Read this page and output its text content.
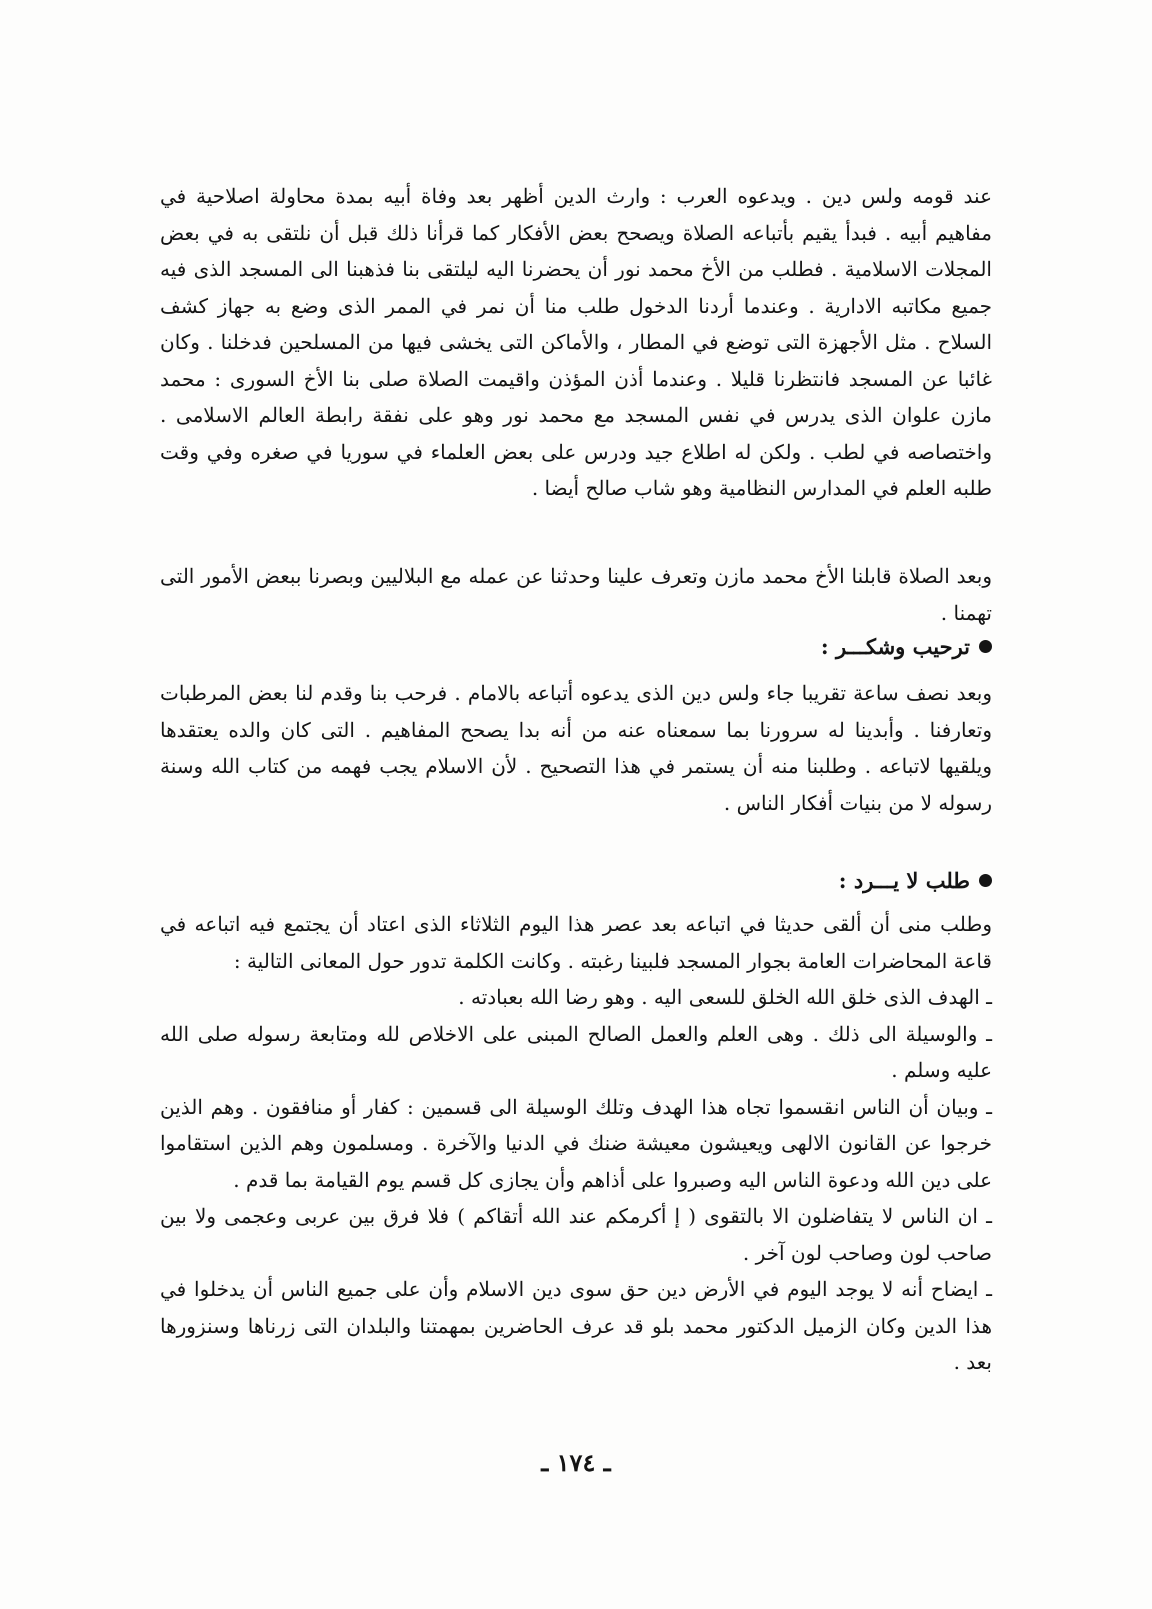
عند قومه ولس دين . ويدعوه العرب : وارث الدين أظهر بعد وفاة أبيه بمدة محاولة اصلاحية في مفاهيم أبيه . فبدأ يقيم بأتباعه الصلاة ويصحح بعض الأفكار كما قرأنا ذلك قبل أن نلتقى به في بعض المجلات الاسلامية . فطلب من الأخ محمد نور أن يحضرنا اليه ليلتقى بنا فذهبنا الى المسجد الذى فيه جميع مكاتبه الادارية . وعندما أردنا الدخول طلب منا أن نمر في الممر الذى وضع به جهاز كشف السلاح . مثل الأجهزة التى توضع في المطار ، والأماكن التى يخشى فيها من المسلحين فدخلنا . وكان غائبا عن المسجد فانتظرنا قليلا . وعندما أذن المؤذن واقيمت الصلاة صلى بنا الأخ السورى : محمد مازن علوان الذى يدرس في نفس المسجد مع محمد نور وهو على نفقة رابطة العالم الاسلامى . واختصاصه في لطب . ولكن له اطلاع جيد ودرس على بعض العلماء في سوريا في صغره وفي وقت طلبه العلم في المدارس النظامية وهو شاب صالح أيضا .

وبعد الصلاة قابلنا الأخ محمد مازن وتعرف علينا وحدثنا عن عمله مع البلاليين وبصرنا ببعض الأمور التى تهمنا .

ترحيب وشكـــر :

وبعد نصف ساعة تقريبا جاء ولس دين الذى يدعوه أتباعه بالامام . فرحب بنا وقدم لنا بعض المرطبات وتعارفنا . وأبدينا له سرورنا بما سمعناه عنه من أنه بدا يصحح المفاهيم . التى كان والده يعتقدها ويلقيها لاتباعه . وطلبنا منه أن يستمر في هذا التصحيح . لأن الاسلام يجب فهمه من كتاب الله وسنة رسوله لا من بنيات أفكار الناس .

طلب لا يـــرد :

وطلب منى أن ألقى حديثا في اتباعه بعد عصر هذا اليوم الثلاثاء الذى اعتاد أن يجتمع فيه اتباعه في قاعة المحاضرات العامة بجوار المسجد فلبينا رغبته . وكانت الكلمة تدور حول المعانى التالية :

ـ الهدف الذى خلق الله الخلق للسعى اليه . وهو رضا الله بعبادته .

ـ والوسيلة الى ذلك . وهى العلم والعمل الصالح المبنى على الاخلاص لله ومتابعة رسوله صلى الله عليه وسلم .

ـ وبيان أن الناس انقسموا تجاه هذا الهدف وتلك الوسيلة الى قسمين : كفار أو منافقون . وهم الذين خرجوا عن القانون الالهى ويعيشون معيشة ضنك في الدنيا والآخرة . ومسلمون وهم الذين استقاموا على دين الله ودعوة الناس اليه وصبروا على أذاهم وأن يجازى كل قسم يوم القيامة بما قدم .

ـ ان الناس لا يتفاضلون الا بالتقوى ( إ أكرمكم عند الله أتقاكم ) فلا فرق بين عربى وعجمى ولا بين صاحب لون وصاحب لون آخر .

ـ ايضاح أنه لا يوجد اليوم في الأرض دين حق سوى دين الاسلام وأن على جميع الناس أن يدخلوا في هذا الدين وكان الزميل الدكتور محمد بلو قد عرف الحاضرين بمهمتنا والبلدان التى زرناها وسنزورها بعد .

ـ ١٧٤ ـ
